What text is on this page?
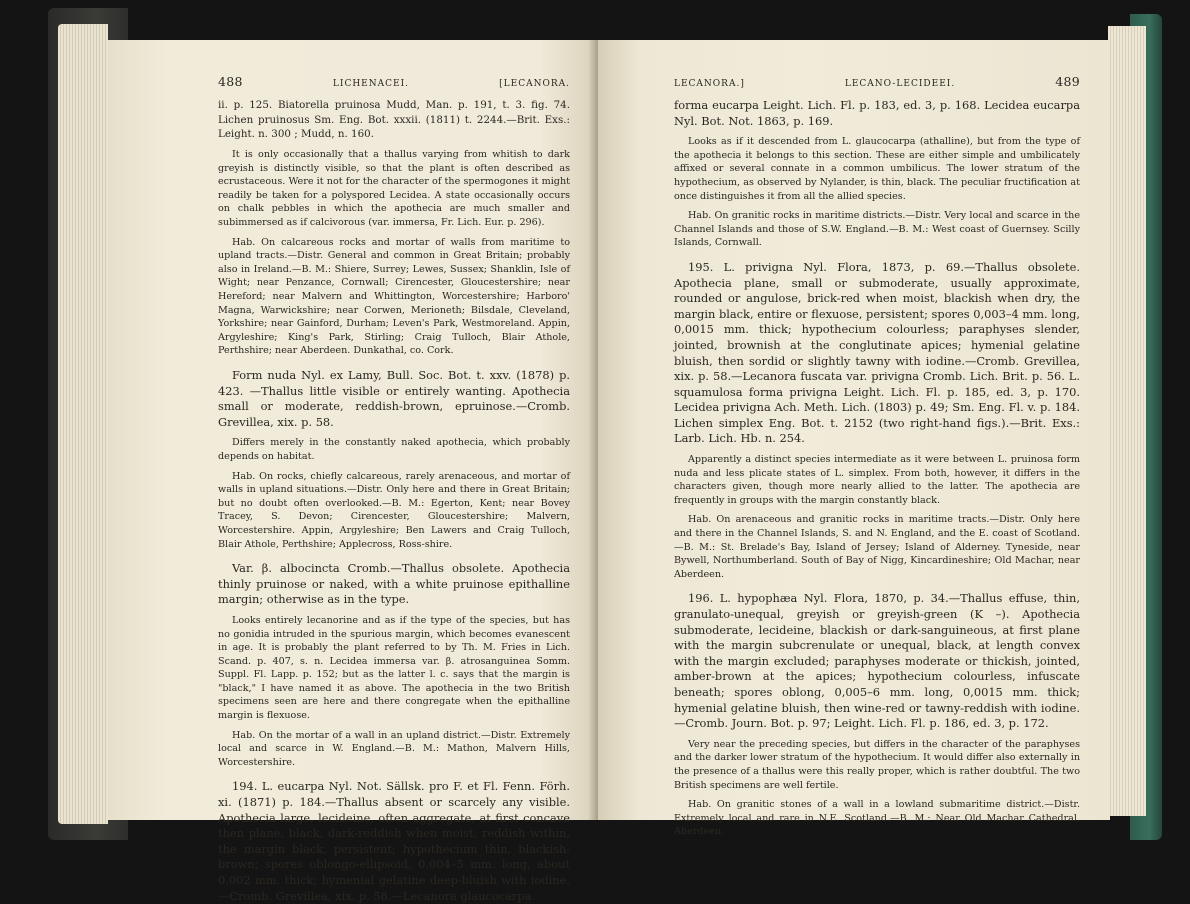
488	LICHENACEI.	[LECANORA.

ii. p. 125. Biatorella pruinosa Mudd, Man. p. 191, t. 3. fig. 74. Lichen pruinosus Sm. Eng. Bot. xxxii. (1811) t. 2244.—Brit. Exs.: Leight. n. 300 ; Mudd, n. 160.

It is only occasionally that a thallus varying from whitish to dark greyish is distinctly visible, so that the plant is often described as ecrustaceous. Were it not for the character of the spermogones it might readily be taken for a polyspored Lecidea. A state occasionally occurs on chalk pebbles in which the apothecia are much smaller and subimmersed as if calcivorous (var. immersa, Fr. Lich. Eur. p. 296).

Hab. On calcareous rocks and mortar of walls from maritime to upland tracts.—Distr. General and common in Great Britain; probably also in Ireland.—B. M.: Shiere, Surrey; Lewes, Sussex; Shanklin, Isle of Wight; near Penzance, Cornwall; Cirencester, Gloucestershire; near Hereford; near Malvern and Whittington, Worcestershire; Harboro' Magna, Warwickshire; near Corwen, Merioneth; Bilsdale, Cleveland, Yorkshire; near Gainford, Durham; Leven's Park, Westmoreland. Appin, Argyleshire; King's Park, Stirling; Craig Tulloch, Blair Athole, Perthshire; near Aberdeen. Dunkathal, co. Cork.

Form nuda Nyl. ex Lamy, Bull. Soc. Bot. t. xxv. (1878) p. 423. —Thallus little visible or entirely wanting. Apothecia small or moderate, reddish-brown, epruinose.—Cromb. Grevillea, xix. p. 58.

Differs merely in the constantly naked apothecia, which probably depends on habitat.

Hab. On rocks, chiefly calcareous, rarely arenaceous, and mortar of walls in upland situations.—Distr. Only here and there in Great Britain; but no doubt often overlooked.—B. M.: Egerton, Kent; near Bovey Tracey, S. Devon; Cirencester, Gloucestershire; Malvern, Worcestershire. Appin, Argyleshire; Ben Lawers and Craig Tulloch, Blair Athole, Perthshire; Applecross, Ross-shire.

Var. β. albocincta Cromb.—Thallus obsolete. Apothecia thinly pruinose or naked, with a white pruinose epithalline margin; otherwise as in the type.

Looks entirely lecanorine and as if the type of the species, but has no gonidia intruded in the spurious margin, which becomes evanescent in age. It is probably the plant referred to by Th. M. Fries in Lich. Scand. p. 407, s. n. Lecidea immersa var. β. atrosanguinea Somm. Suppl. Fl. Lapp. p. 152; but as the latter l. c. says that the margin is "black," I have named it as above. The apothecia in the two British specimens seen are here and there congregate when the epithalline margin is flexuose.

Hab. On the mortar of a wall in an upland district.—Distr. Extremely local and scarce in W. England.—B. M.: Mathon, Malvern Hills, Worcestershire.

194. L. eucarpa Nyl. Not. Sällsk. pro F. et Fl. Fenn. Förh. xi. (1871) p. 184.—Thallus absent or scarcely any visible. Apothecia large, lecideine, often aggregate, at first concave then plane, black, dark-reddish when moist, reddish within, the margin black, persistent; hypothecium thin, blackish-brown; spores oblongo-ellipsoid, 0,004–5 mm. long, about 0,002 mm. thick; hymenial gelatine deep-bluish with iodine.—Cromb. Grevillea, xix. p. 58.—Lecanora glaucocarpa

LECANORA.]	LECANO-LECIDEEI.	489

forma eucarpa Leight. Lich. Fl. p. 183, ed. 3, p. 168. Lecidea eucarpa Nyl. Bot. Not. 1863, p. 169.

Looks as if it descended from L. glaucocarpa (athalline), but from the type of the apothecia it belongs to this section. These are either simple and umbilicately affixed or several connate in a common umbilicus. The lower stratum of the hypothecium, as observed by Nylander, is thin, black. The peculiar fructification at once distinguishes it from all the allied species.

Hab. On granitic rocks in maritime districts.—Distr. Very local and scarce in the Channel Islands and those of S.W. England.—B. M.: West coast of Guernsey. Scilly Islands, Cornwall.

195. L. privigna Nyl. Flora, 1873, p. 69.—Thallus obsolete. Apothecia plane, small or submoderate, usually approximate, rounded or angulose, brick-red when moist, blackish when dry, the margin black, entire or flexuose, persistent; spores 0,003–4 mm. long, 0,0015 mm. thick; hypothecium colourless; paraphyses slender, jointed, brownish at the conglutinate apices; hymenial gelatine bluish, then sordid or slightly tawny with iodine.—Cromb. Grevillea, xix. p. 58.—Lecanora fuscata var. privigna Cromb. Lich. Brit. p. 56. L. squamulosa forma privigna Leight. Lich. Fl. p. 185, ed. 3, p. 170. Lecidea privigna Ach. Meth. Lich. (1803) p. 49; Sm. Eng. Fl. v. p. 184. Lichen simplex Eng. Bot. t. 2152 (two right-hand figs.).—Brit. Exs.: Larb. Lich. Hb. n. 254.

Apparently a distinct species intermediate as it were between L. pruinosa form nuda and less plicate states of L. simplex. From both, however, it differs in the characters given, though more nearly allied to the latter. The apothecia are frequently in groups with the margin constantly black.

Hab. On arenaceous and granitic rocks in maritime tracts.—Distr. Only here and there in the Channel Islands, S. and N. England, and the E. coast of Scotland.—B. M.: St. Brelade's Bay, Island of Jersey; Island of Alderney. Tyneside, near Bywell, Northumberland. South of Bay of Nigg, Kincardineshire; Old Machar, near Aberdeen.

196. L. hypophæa Nyl. Flora, 1870, p. 34.—Thallus effuse, thin, granulato-unequal, greyish or greyish-green (K –). Apothecia submoderate, lecideine, blackish or dark-sanguineous, at first plane with the margin subcrenulate or unequal, black, at length convex with the margin excluded; paraphyses moderate or thickish, jointed, amber-brown at the apices; hypothecium colourless, infuscate beneath; spores oblong, 0,005–6 mm. long, 0,0015 mm. thick; hymenial gelatine bluish, then wine-red or tawny-reddish with iodine. —Cromb. Journ. Bot. p. 97; Leight. Lich. Fl. p. 186, ed. 3, p. 172.

Very near the preceding species, but differs in the character of the paraphyses and the darker lower stratum of the hypothecium. It would differ also externally in the presence of a thallus were this really proper, which is rather doubtful. The two British specimens are well fertile.

Hab. On granitic stones of a wall in a lowland submaritime district.—Distr. Extremely local and rare in N.E. Scotland.—B. M.: Near Old Machar Cathedral, Aberdeen.
